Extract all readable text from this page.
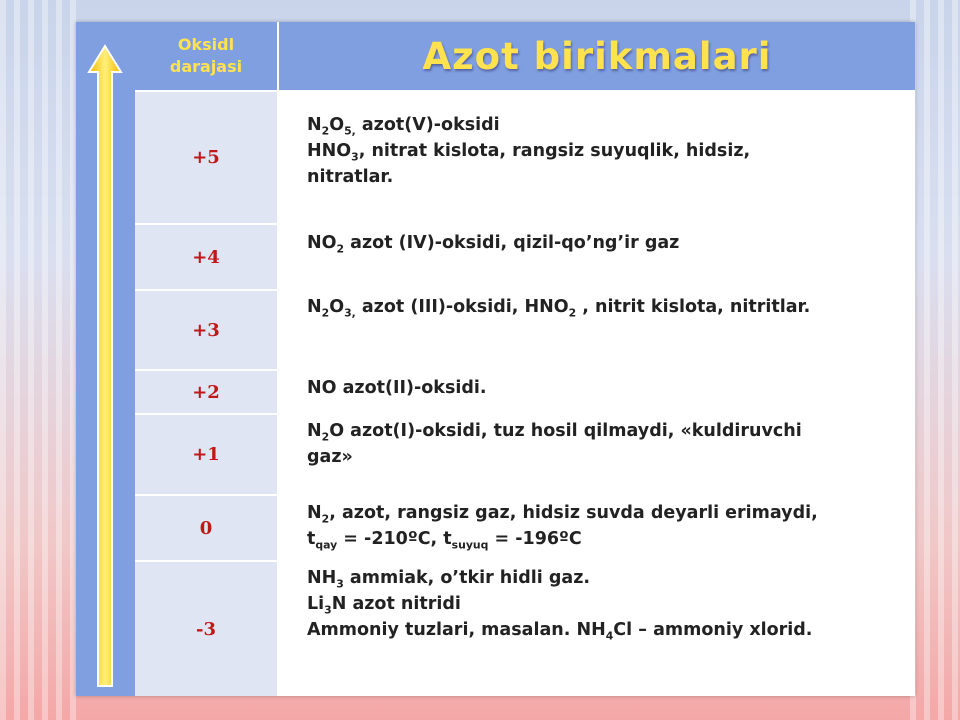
Oksidl
darajasi	Azot birikmalari
+5
$N_2O_{5,}$ azot(V)-oksidi
$HNO_3$, nitrat kislota, rangsiz suyuqlik, hidsiz,
nitratlar.
+4
$NO_2$ azot (IV)-oksidi, qizil-qo’ng’ir gaz
+3
$N_2O_{3,}$ azot (III)-oksidi, $HNO_2$ , nitrit kislota, nitritlar.
+2	NO azot(II)-oksidi.
+1
$N_2O$ azot(I)-oksidi, tuz hosil qilmaydi, «kuldiruvchi
gaz»
0
$N_2$, azot, rangsiz gaz, hidsiz suvda deyarli erimaydi,
$t_{qay}$ = -210ºC, $t_{suyuq}$ = -196ºC
-3
$NH_3$ ammiak, o’tkir hidli gaz.
$Li_3N$ azot nitridi
Ammoniy tuzlari, masalan. $NH_4Cl$ – ammoniy xlorid.
